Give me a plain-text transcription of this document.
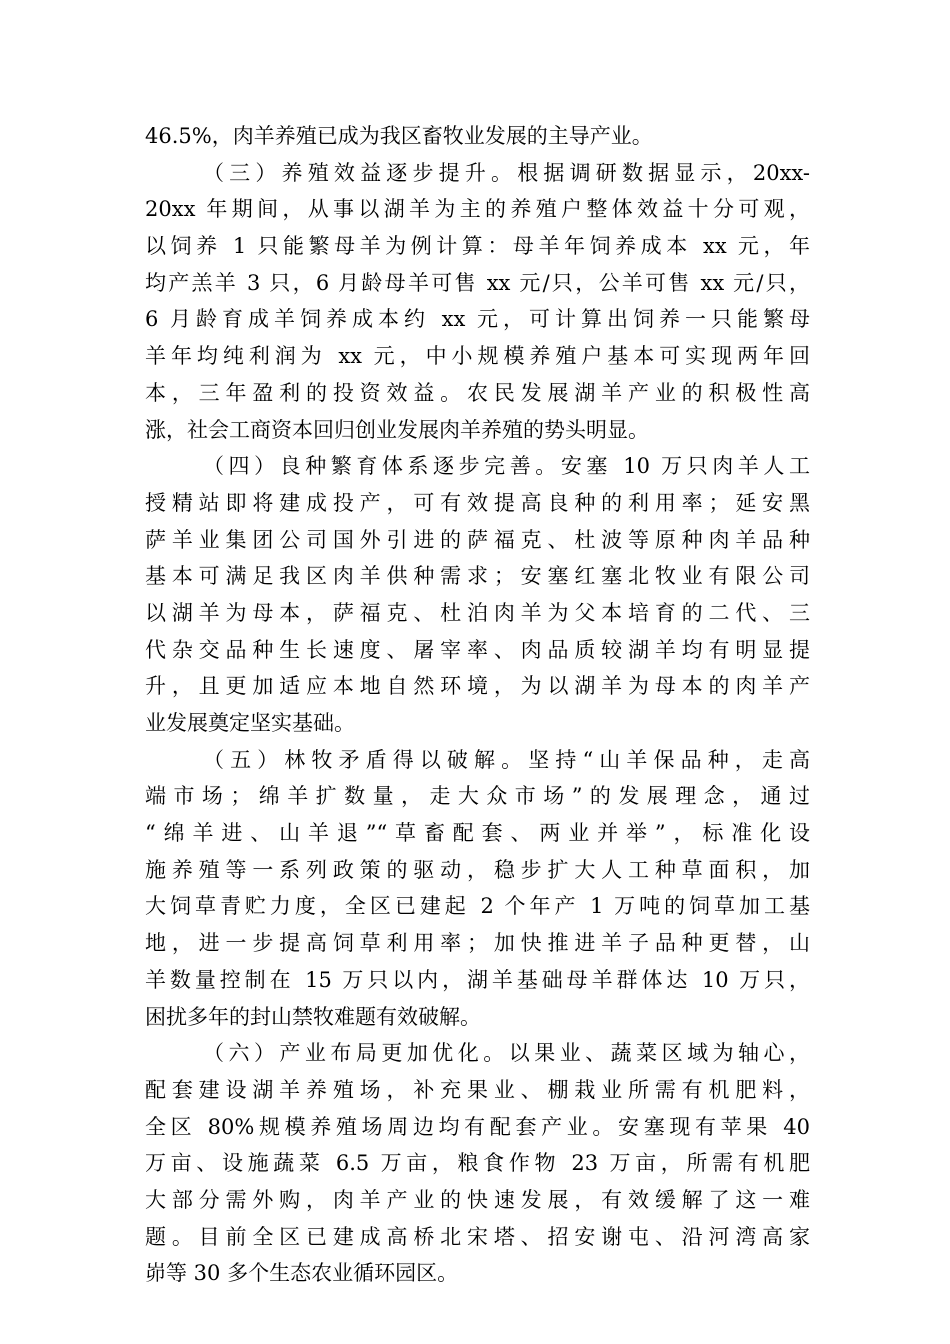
46.5%，肉羊养殖已成为我区畜牧业发展的主导产业。
（三）养殖效益逐步提升。根据调研数据显示，20xx-
20xx 年期间，从事以湖羊为主的养殖户整体效益十分可观，
以饲养 1 只能繁母羊为例计算：母羊年饲养成本 xx 元，年
均产羔羊 3 只，6 月龄母羊可售 xx 元/只，公羊可售 xx 元/只，
6 月龄育成羊饲养成本约 xx 元，可计算出饲养一只能繁母
羊年均纯利润为 xx 元，中小规模养殖户基本可实现两年回
本，三年盈利的投资效益。农民发展湖羊产业的积极性高
涨，社会工商资本回归创业发展肉羊养殖的势头明显。
（四）良种繁育体系逐步完善。安塞 10 万只肉羊人工
授精站即将建成投产，可有效提高良种的利用率；延安黑
萨羊业集团公司国外引进的萨福克、杜波等原种肉羊品种
基本可满足我区肉羊供种需求；安塞红塞北牧业有限公司
以湖羊为母本，萨福克、杜泊肉羊为父本培育的二代、三
代杂交品种生长速度、屠宰率、肉品质较湖羊均有明显提
升，且更加适应本地自然环境，为以湖羊为母本的肉羊产
业发展奠定坚实基础。
（五）林牧矛盾得以破解。坚持“山羊保品种，走高
端市场；绵羊扩数量，走大众市场”的发展理念，通过
“绵羊进、山羊退”“草畜配套、两业并举”，标准化设
施养殖等一系列政策的驱动，稳步扩大人工种草面积，加
大饲草青贮力度，全区已建起 2 个年产 1 万吨的饲草加工基
地，进一步提高饲草利用率；加快推进羊子品种更替，山
羊数量控制在 15 万只以内，湖羊基础母羊群体达 10 万只，
困扰多年的封山禁牧难题有效破解。
（六）产业布局更加优化。以果业、蔬菜区域为轴心，
配套建设湖羊养殖场，补充果业、棚栽业所需有机肥料，
全区 80%规模养殖场周边均有配套产业。安塞现有苹果 40
万亩、设施蔬菜 6.5 万亩，粮食作物 23 万亩，所需有机肥
大部分需外购，肉羊产业的快速发展，有效缓解了这一难
题。目前全区已建成高桥北宋塔、招安谢屯、沿河湾高家
峁等 30 多个生态农业循环园区。
